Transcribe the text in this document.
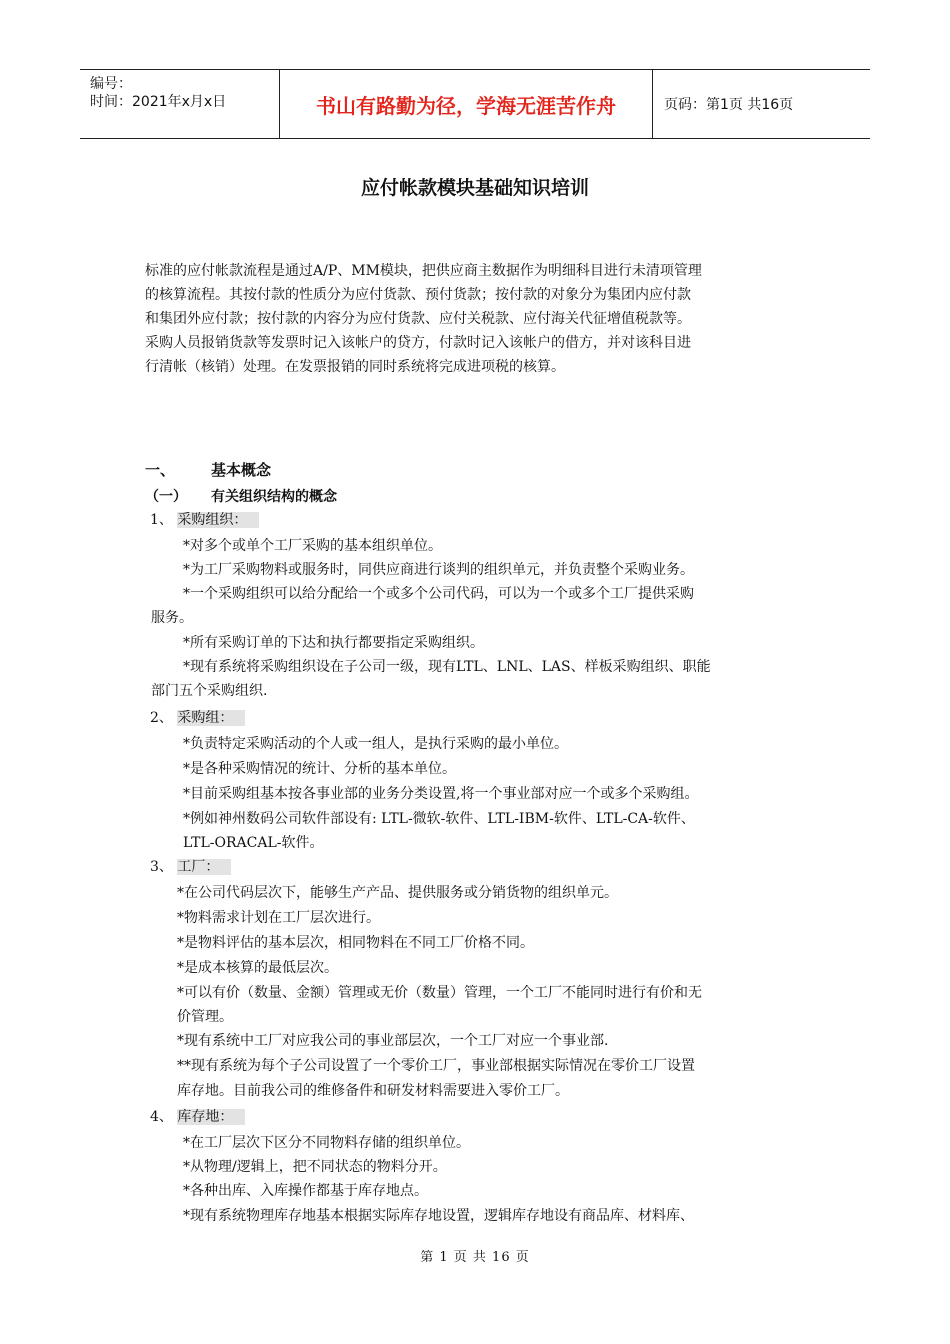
编号：
时间：2021年x月x日	书山有路勤为径，学海无涯苦作舟	页码：第1页 共16页
应付帐款模块基础知识培训

标准的应付帐款流程是通过A/P、MM模块，把供应商主数据作为明细科目进行未清项管理

的核算流程。其按付款的性质分为应付货款、预付货款；按付款的对象分为集团内应付款

和集团外应付款；按付款的内容分为应付货款、应付关税款、应付海关代征增值税款等。

采购人员报销货款等发票时记入该帐户的贷方，付款时记入该帐户的借方，并对该科目进

行清帐（核销）处理。在发票报销的同时系统将完成进项税的核算。

一、 基本概念
（一） 有关组织结构的概念
1、 采购组织：
*对多个或单个工厂采购的基本组织单位。
*为工厂采购物料或服务时，同供应商进行谈判的组织单元，并负责整个采购业务。
*一个采购组织可以给分配给一个或多个公司代码，可以为一个或多个工厂提供采购
服务。
*所有采购订单的下达和执行都要指定采购组织。
*现有系统将采购组织设在子公司一级，现有LTL、LNL、LAS、样板采购组织、职能
部门五个采购组织.
2、 采购组：
*负责特定采购活动的个人或一组人，是执行采购的最小单位。
*是各种采购情况的统计、分析的基本单位。
*目前采购组基本按各事业部的业务分类设置,将一个事业部对应一个或多个采购组。
*例如神州数码公司软件部设有: LTL-微软-软件、LTL-IBM-软件、LTL-CA-软件、
LTL-ORACAL-软件。
3、 工厂：
*在公司代码层次下，能够生产产品、提供服务或分销货物的组织单元。
*物料需求计划在工厂层次进行。
*是物料评估的基本层次，相同物料在不同工厂价格不同。
*是成本核算的最低层次。
*可以有价（数量、金额）管理或无价（数量）管理，一个工厂不能同时进行有价和无
价管理。
*现有系统中工厂对应我公司的事业部层次，一个工厂对应一个事业部.
**现有系统为每个子公司设置了一个零价工厂，事业部根据实际情况在零价工厂设置
库存地。目前我公司的维修备件和研发材料需要进入零价工厂。
4、 库存地：
*在工厂层次下区分不同物料存储的组织单位。
*从物理/逻辑上，把不同状态的物料分开。
*各种出库、入库操作都基于库存地点。
*现有系统物理库存地基本根据实际库存地设置，逻辑库存地设有商品库、材料库、
第 1 页 共 16 页
